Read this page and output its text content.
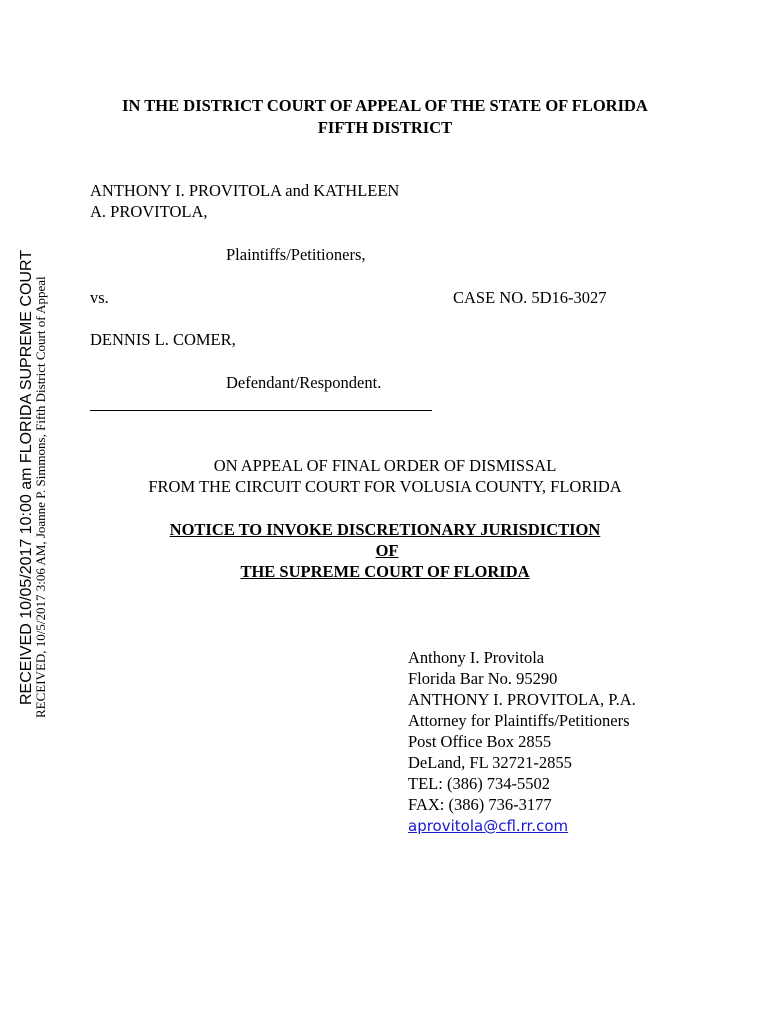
RECEIVED 10/05/2017 10:00 am FLORIDA SUPREME COURT
RECEIVED, 10/5/2017 3:06 AM, Joanne P. Simmons, Fifth District Court of Appeal
IN THE DISTRICT COURT OF APPEAL OF THE STATE OF FLORIDA
FIFTH DISTRICT
ANTHONY I. PROVITOLA and KATHLEEN
A. PROVITOLA,
Plaintiffs/Petitioners,
vs.	CASE NO. 5D16-3027
DENNIS L. COMER,
Defendant/Respondent.
ON APPEAL OF FINAL ORDER OF DISMISSAL
FROM THE CIRCUIT COURT FOR VOLUSIA COUNTY, FLORIDA
NOTICE TO INVOKE DISCRETIONARY JURISDICTION
OF
THE SUPREME COURT OF FLORIDA
Anthony I. Provitola
Florida Bar No. 95290
ANTHONY I. PROVITOLA, P.A.
Attorney for Plaintiffs/Petitioners
Post Office Box 2855
DeLand, FL 32721-2855
TEL: (386) 734-5502
FAX: (386) 736-3177
aprovitola@cfl.rr.com
